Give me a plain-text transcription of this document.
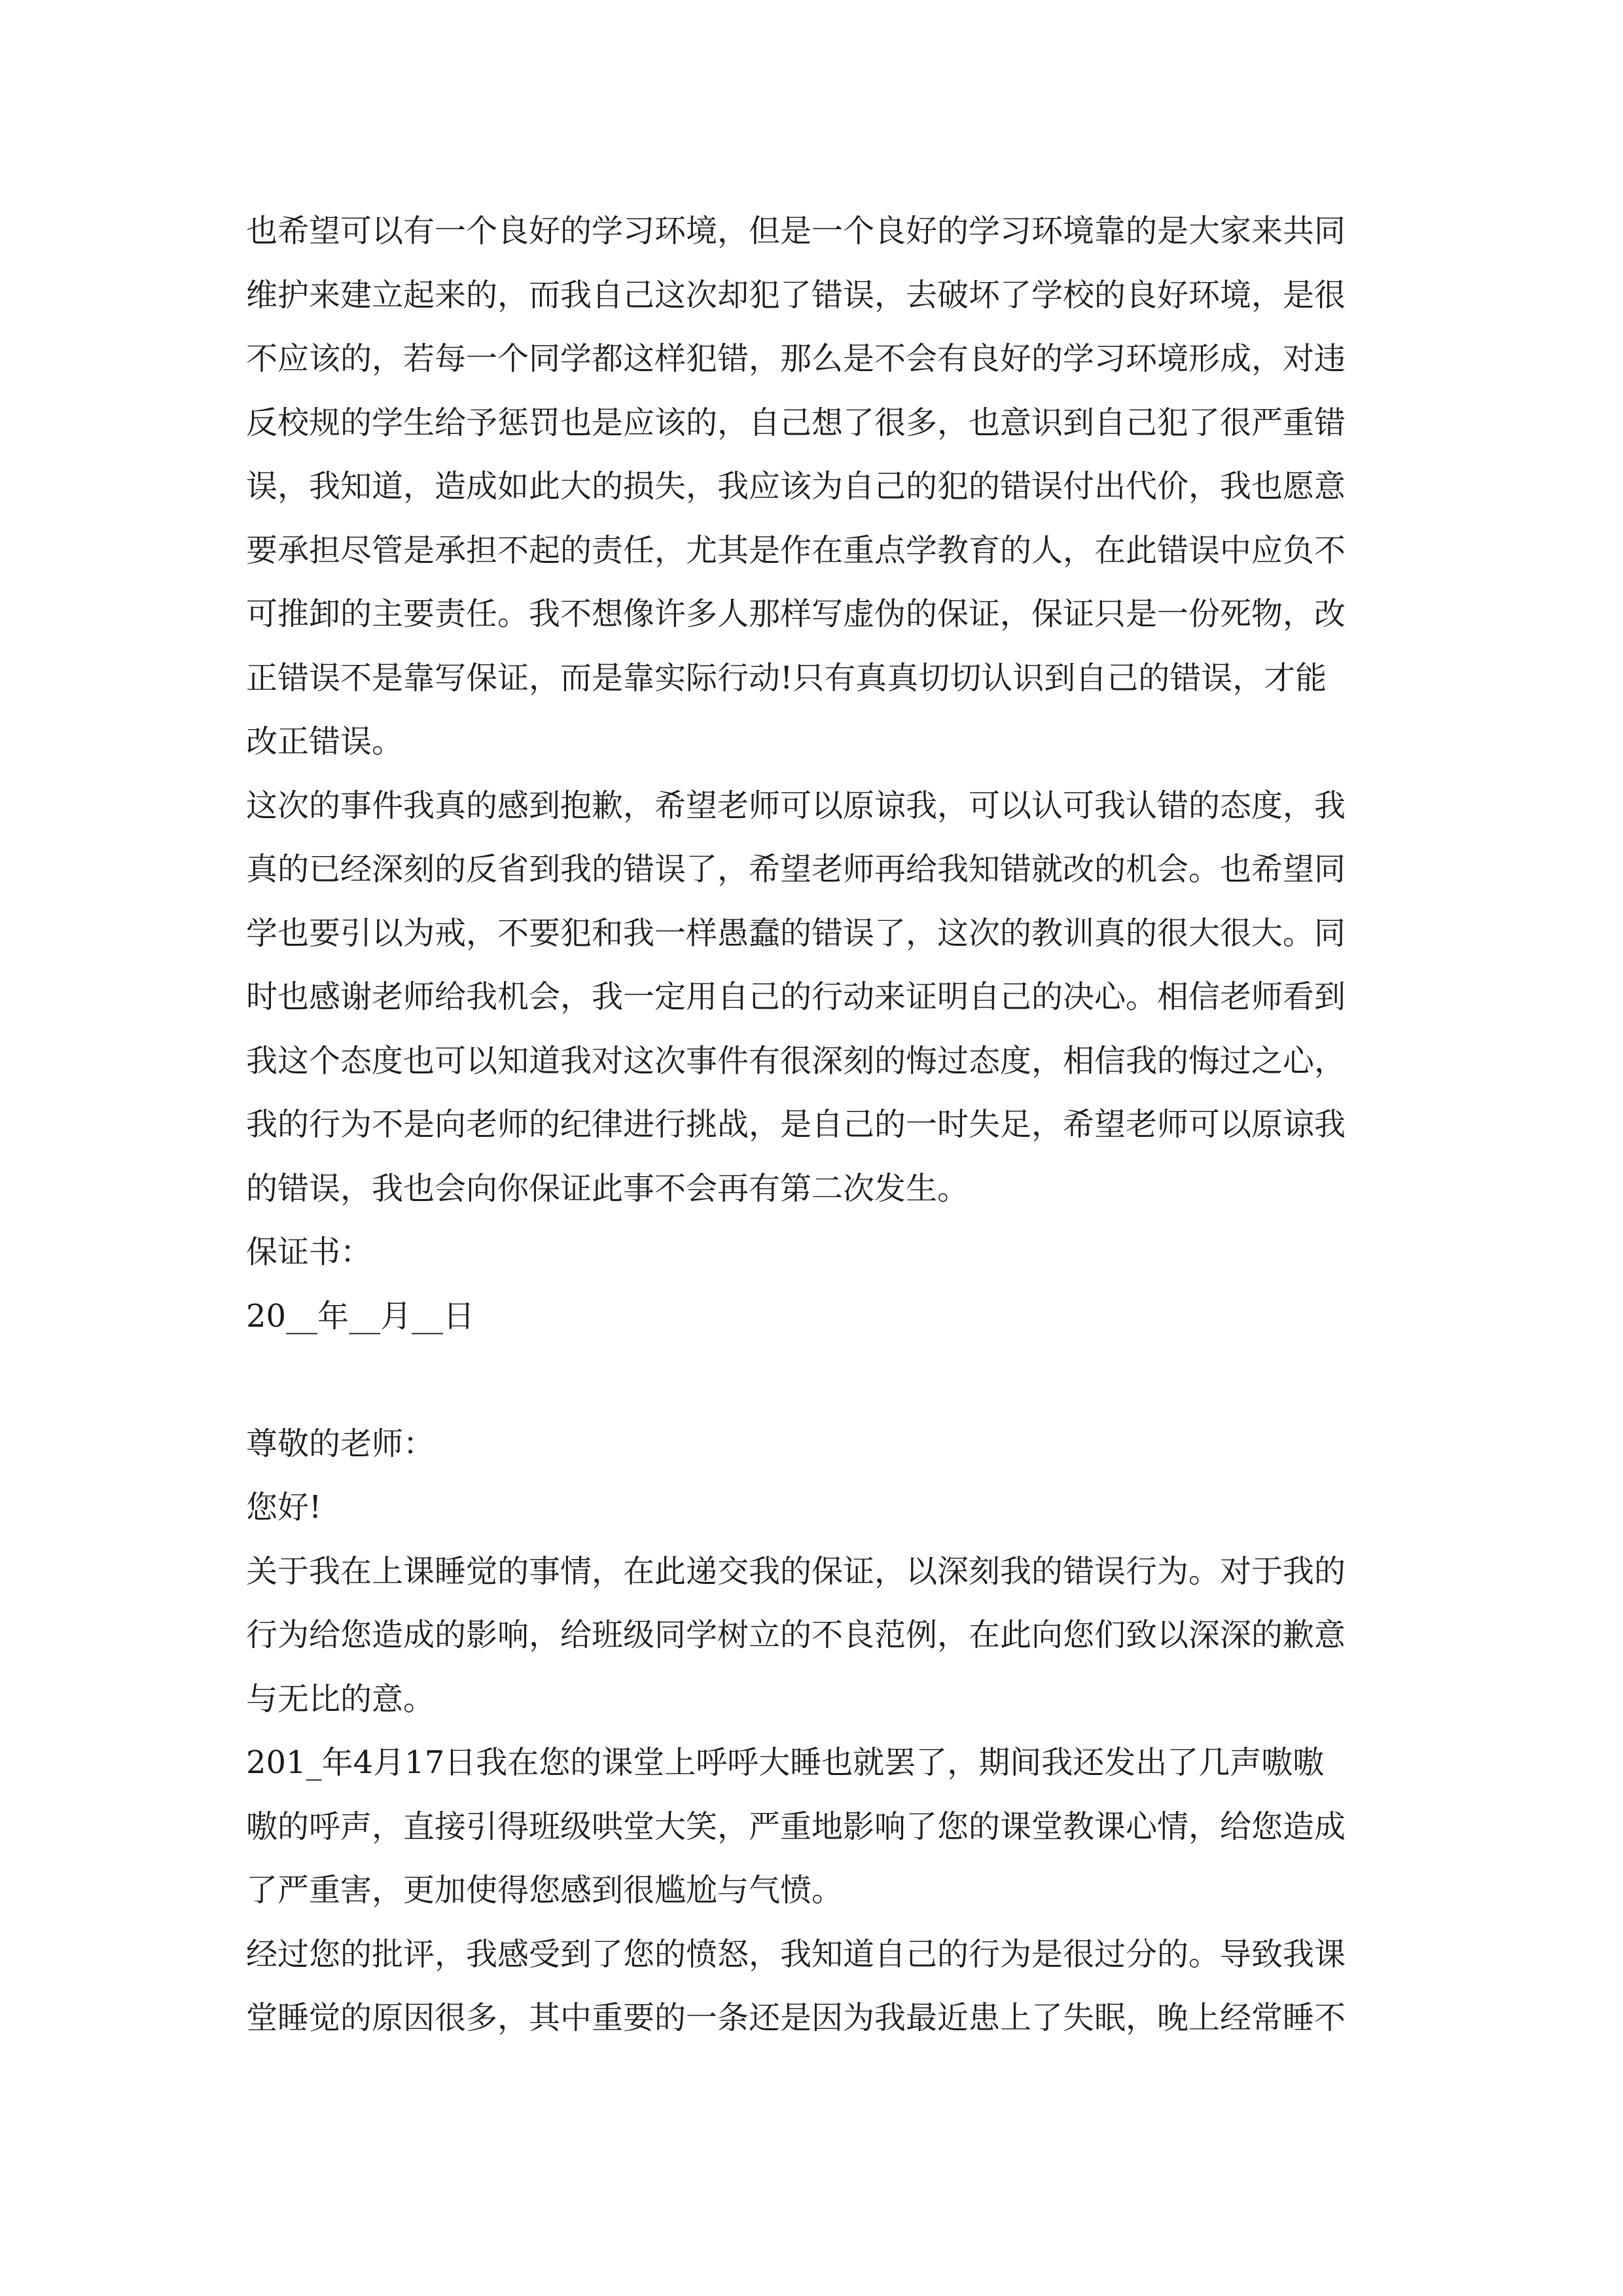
也希望可以有一个良好的学习环境，但是一个良好的学习环境靠的是大家来共同
维护来建立起来的，而我自己这次却犯了错误，去破坏了学校的良好环境，是很
不应该的，若每一个同学都这样犯错，那么是不会有良好的学习环境形成，对违
反校规的学生给予惩罚也是应该的，自己想了很多，也意识到自己犯了很严重错
误，我知道，造成如此大的损失，我应该为自己的犯的错误付出代价，我也愿意
要承担尽管是承担不起的责任，尤其是作在重点学教育的人，在此错误中应负不
可推卸的主要责任。我不想像许多人那样写虚伪的保证，保证只是一份死物，改
正错误不是靠写保证，而是靠实际行动!只有真真切切认识到自己的错误，才能
改正错误。

这次的事件我真的感到抱歉，希望老师可以原谅我，可以认可我认错的态度，我
真的已经深刻的反省到我的错误了，希望老师再给我知错就改的机会。也希望同
学也要引以为戒，不要犯和我一样愚蠢的错误了，这次的教训真的很大很大。同
时也感谢老师给我机会，我一定用自己的行动来证明自己的决心。相信老师看到
我这个态度也可以知道我对这次事件有很深刻的悔过态度，相信我的悔过之心，
我的行为不是向老师的纪律进行挑战，是自己的一时失足，希望老师可以原谅我
的错误，我也会向你保证此事不会再有第二次发生。

保证书：
20__年__月__日

尊敬的老师：
您好!

关于我在上课睡觉的事情，在此递交我的保证，以深刻我的错误行为。对于我的
行为给您造成的影响，给班级同学树立的不良范例，在此向您们致以深深的歉意
与无比的意。

201_年4月17日我在您的课堂上呼呼大睡也就罢了，期间我还发出了几声嗷嗷
嗷的呼声，直接引得班级哄堂大笑，严重地影响了您的课堂教课心情，给您造成
了严重害，更加使得您感到很尴尬与气愤。

经过您的批评，我感受到了您的愤怒，我知道自己的行为是很过分的。导致我课
堂睡觉的原因很多，其中重要的一条还是因为我最近患上了失眠，晚上经常睡不
